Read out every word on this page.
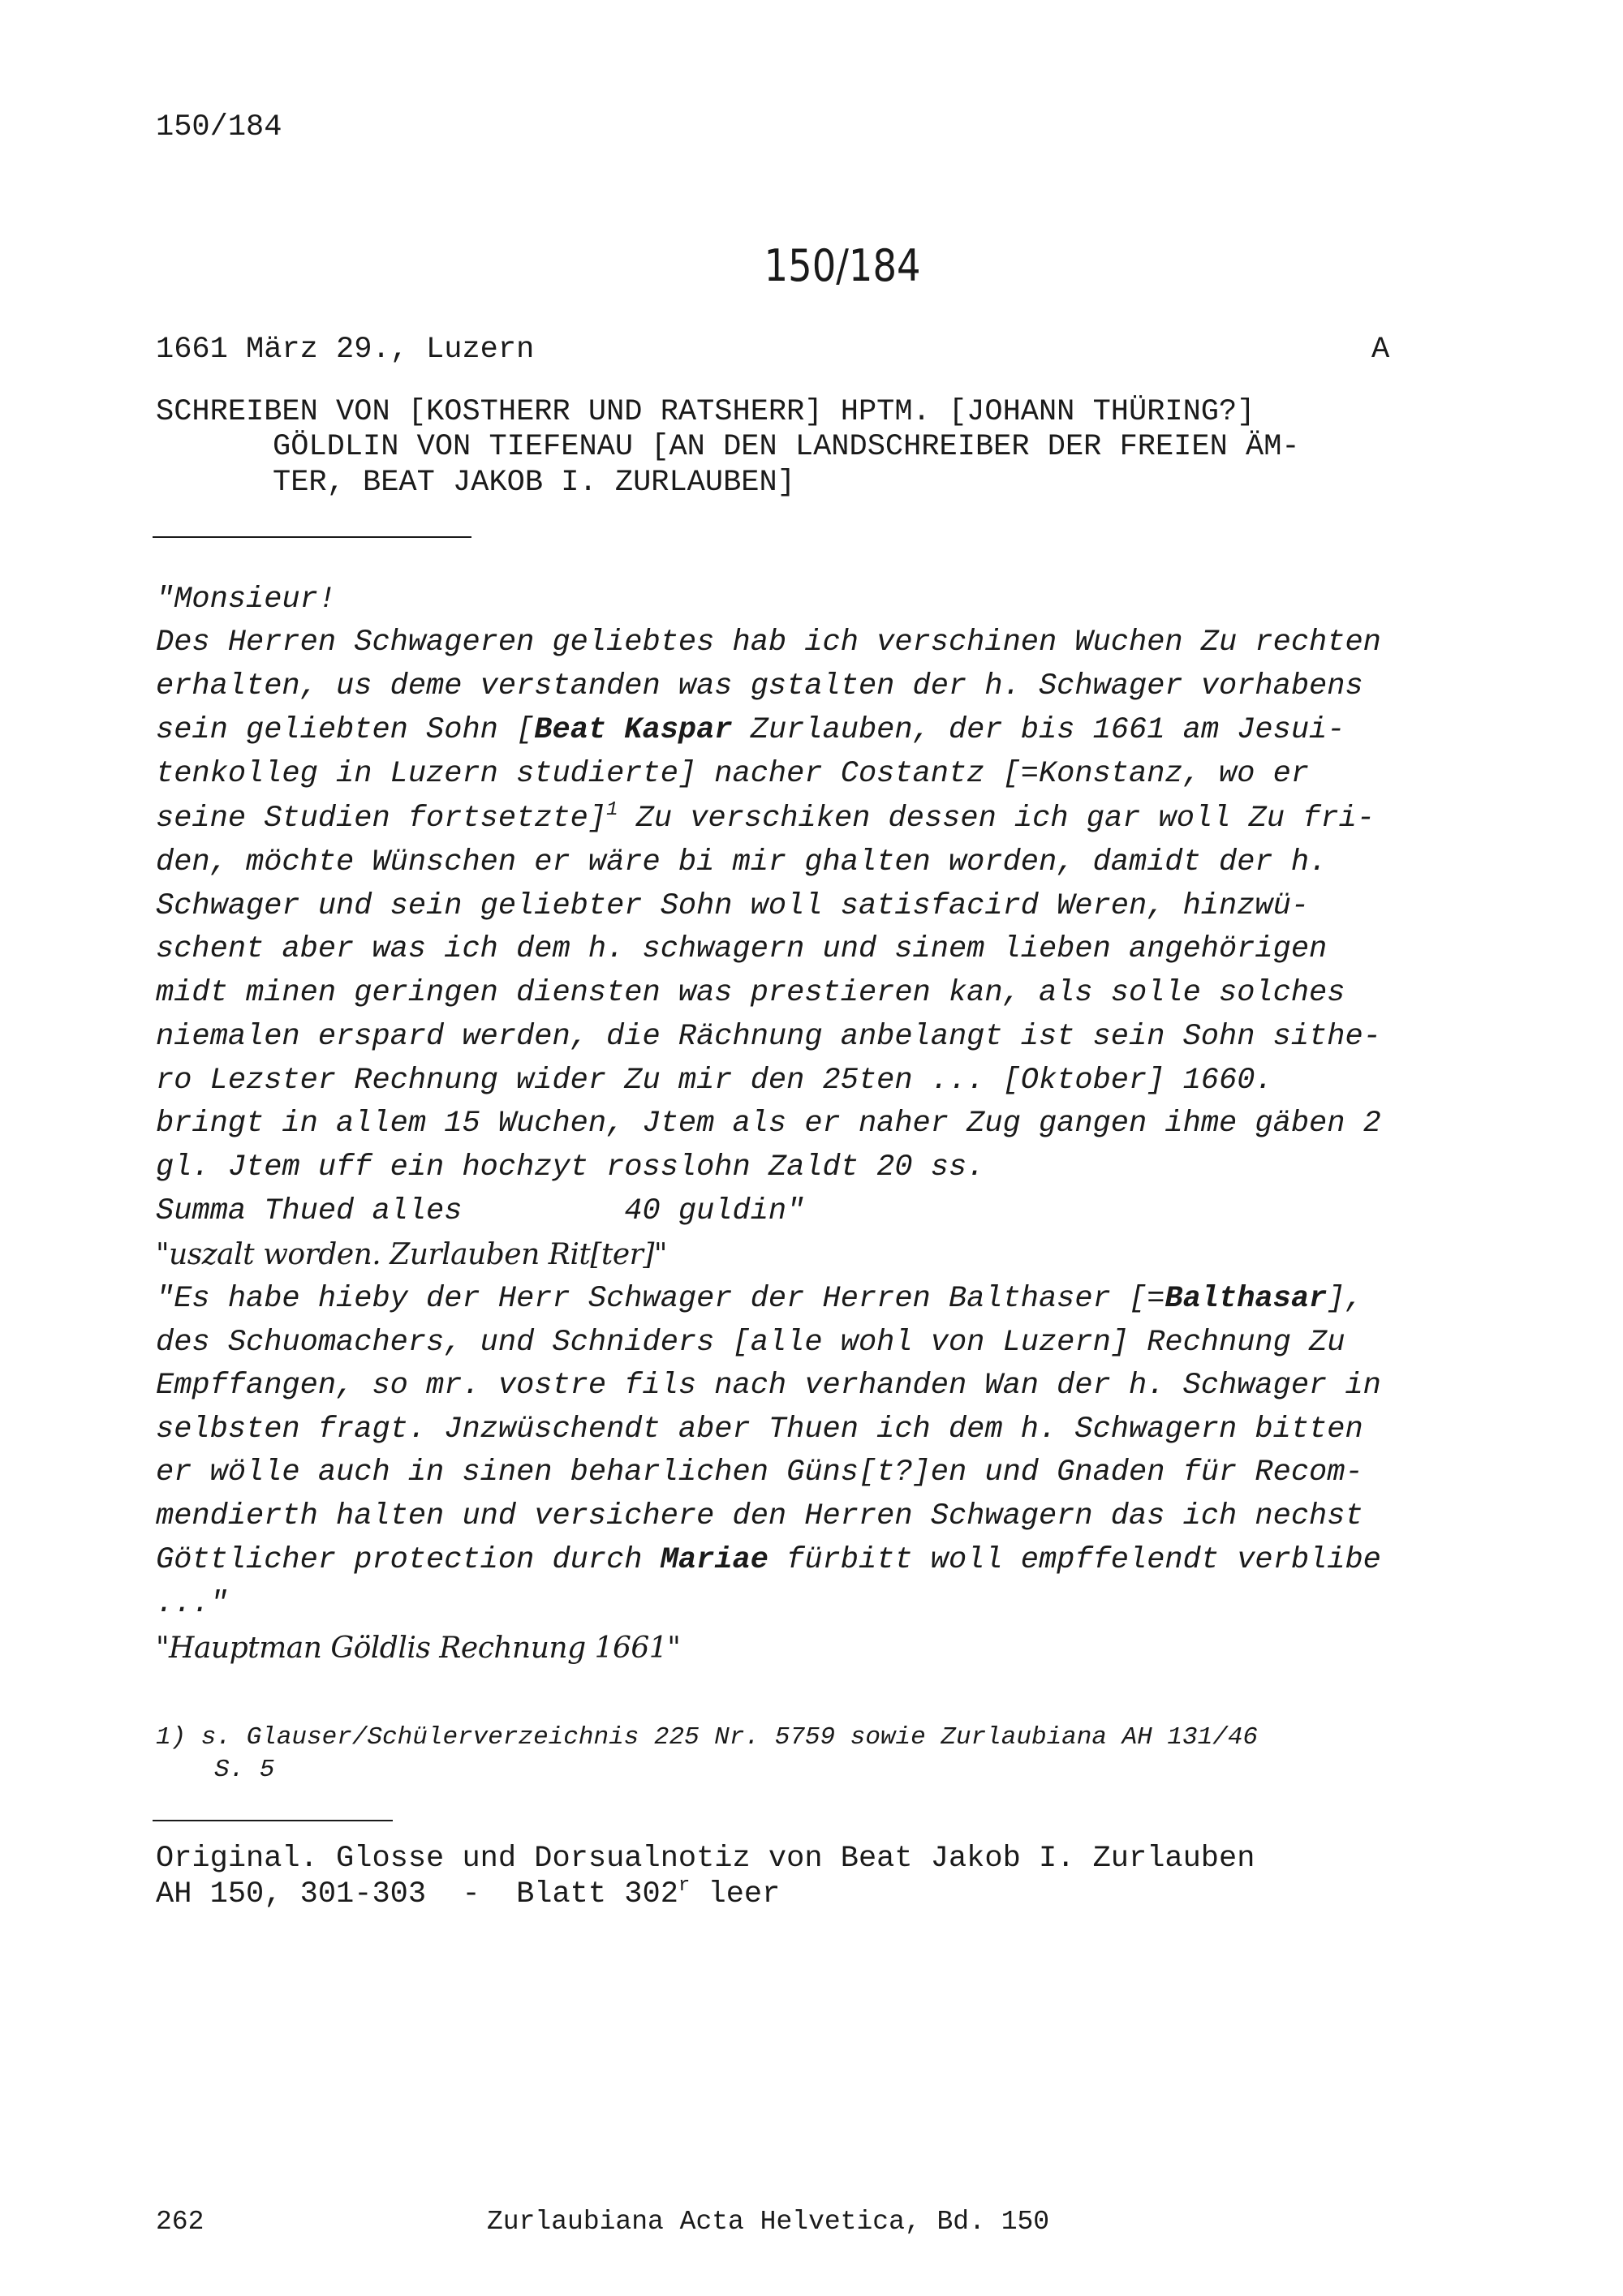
150/184
150/184
1661 März 29., Luzern	A
SCHREIBEN VON [KOSTHERR UND RATSHERR] HPTM. [JOHANN THÜRING?]
GÖLDLIN VON TIEFENAU [AN DEN LANDSCHREIBER DER FREIEN ÄM-
TER, BEAT JAKOB I. ZURLAUBEN]
"Monsieur!
Des Herren Schwageren geliebtes hab ich verschinen Wuchen Zu rechten
erhalten, us deme verstanden was gstalten der h. Schwager vorhabens
sein geliebten Sohn [Beat Kaspar Zurlauben, der bis 1661 am Jesui-
tenkolleg in Luzern studierte] nacher Costantz [=Konstanz, wo er
seine Studien fortsetzte]$^1$ Zu verschiken dessen ich gar woll Zu fri-
den, möchte Wünschen er wäre bi mir ghalten worden, damidt der h.
Schwager und sein geliebter Sohn woll satisfacird Weren, hinzwü-
schent aber was ich dem h. schwagern und sinem lieben angehörigen
midt minen geringen diensten was prestieren kan, als solle solches
niemalen erspard werden, die Rächnung anbelangt ist sein Sohn sithe-
ro Lezster Rechnung wider Zu mir den 25ten ... [Oktober] 1660.
bringt in allem 15 Wuchen, Jtem als er naher Zug gangen ihme gäben 2
gl. Jtem uff ein hochzyt rosslohn Zaldt 20 ss.
Summa Thued alles         40 guldin"
"uszalt worden. Zurlauben Rit[ter]"
"Es habe hieby der Herr Schwager der Herren Balthaser [=Balthasar],
des Schuomachers, und Schniders [alle wohl von Luzern] Rechnung Zu
Empffangen, so mr. vostre fils nach verhanden Wan der h. Schwager in
selbsten fragt. Jnzwüschendt aber Thuen ich dem h. Schwagern bitten
er wölle auch in sinen beharlichen Güns[t?]en und Gnaden für Recom-
mendierth halten und versichere den Herren Schwagern das ich nechst
Göttlicher protection durch Mariae fürbitt woll empffelendt verblibe
..."
"Hauptman Göldlis Rechnung 1661"
1) s. Glauser/Schülerverzeichnis 225 Nr. 5759 sowie Zurlaubiana AH 131/46
S. 5
Original. Glosse und Dorsualnotiz von Beat Jakob I. Zurlauben
AH 150, 301-303  -  Blatt 302$^r$ leer
262	Zurlaubiana Acta Helvetica, Bd. 150
